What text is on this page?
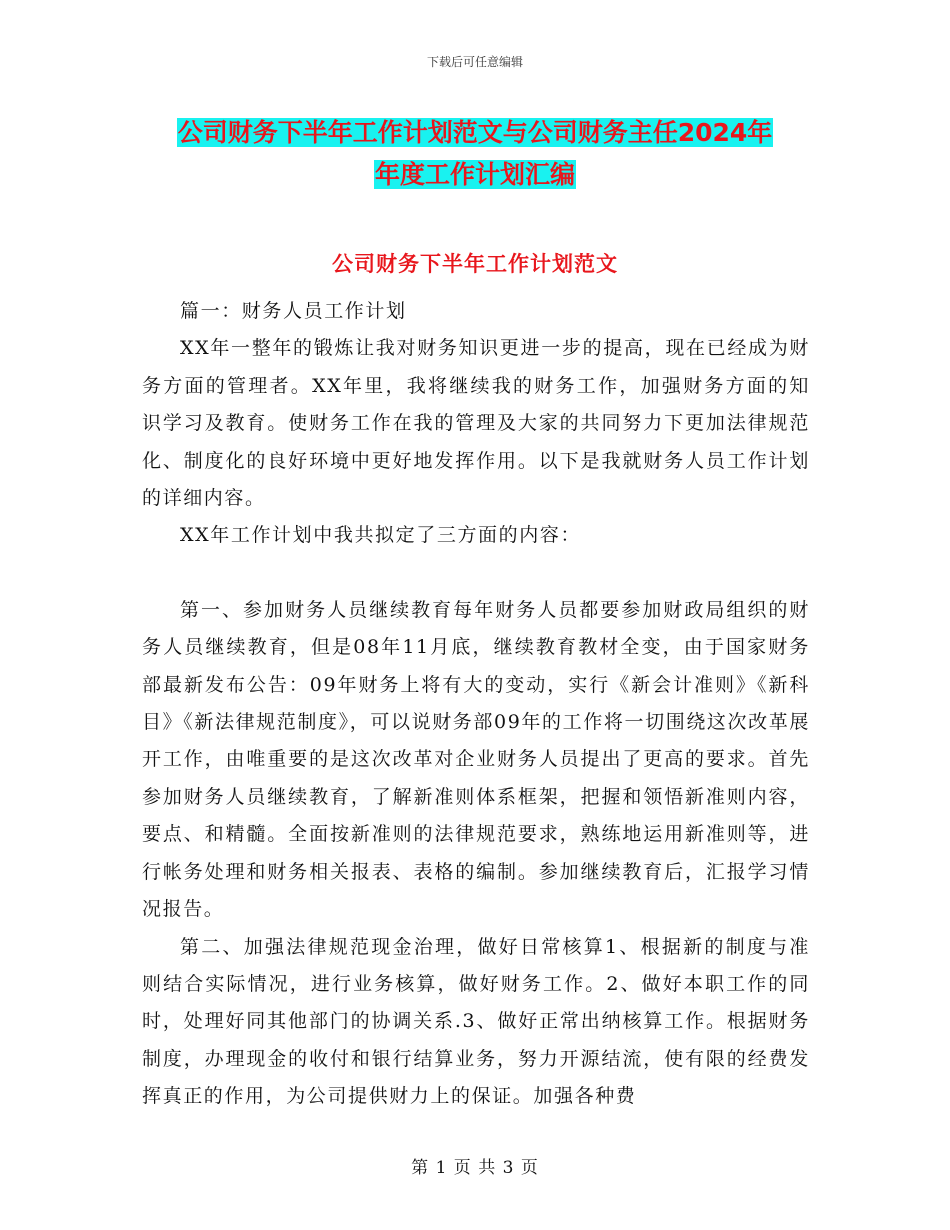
下载后可任意编辑
公司财务下半年工作计划范文与公司财务主任2024年
年度工作计划汇编
公司财务下半年工作计划范文

篇一：财务人员工作计划

XX年一整年的锻炼让我对财务知识更进一步的提高，现在已经成为财务方面的管理者。XX年里，我将继续我的财务工作，加强财务方面的知识学习及教育。使财务工作在我的管理及大家的共同努力下更加法律规范化、制度化的良好环境中更好地发挥作用。以下是我就财务人员工作计划的详细内容。

XX年工作计划中我共拟定了三方面的内容：

第一、参加财务人员继续教育每年财务人员都要参加财政局组织的财务人员继续教育，但是08年11月底，继续教育教材全变，由于国家财务部最新发布公告：09年财务上将有大的变动，实行《新会计准则》《新科目》《新法律规范制度》，可以说财务部09年的工作将一切围绕这次改革展开工作，由唯重要的是这次改革对企业财务人员提出了更高的要求。首先参加财务人员继续教育，了解新准则体系框架，把握和领悟新准则内容，要点、和精髓。全面按新准则的法律规范要求，熟练地运用新准则等，进行帐务处理和财务相关报表、表格的编制。参加继续教育后，汇报学习情况报告。

第二、加强法律规范现金治理，做好日常核算1、根据新的制度与准则结合实际情况，进行业务核算，做好财务工作。2、做好本职工作的同时，处理好同其他部门的协调关系.3、做好正常出纳核算工作。根据财务制度，办理现金的收付和银行结算业务，努力开源结流，使有限的经费发挥真正的作用，为公司提供财力上的保证。加强各种费

第 1 页 共 3 页
